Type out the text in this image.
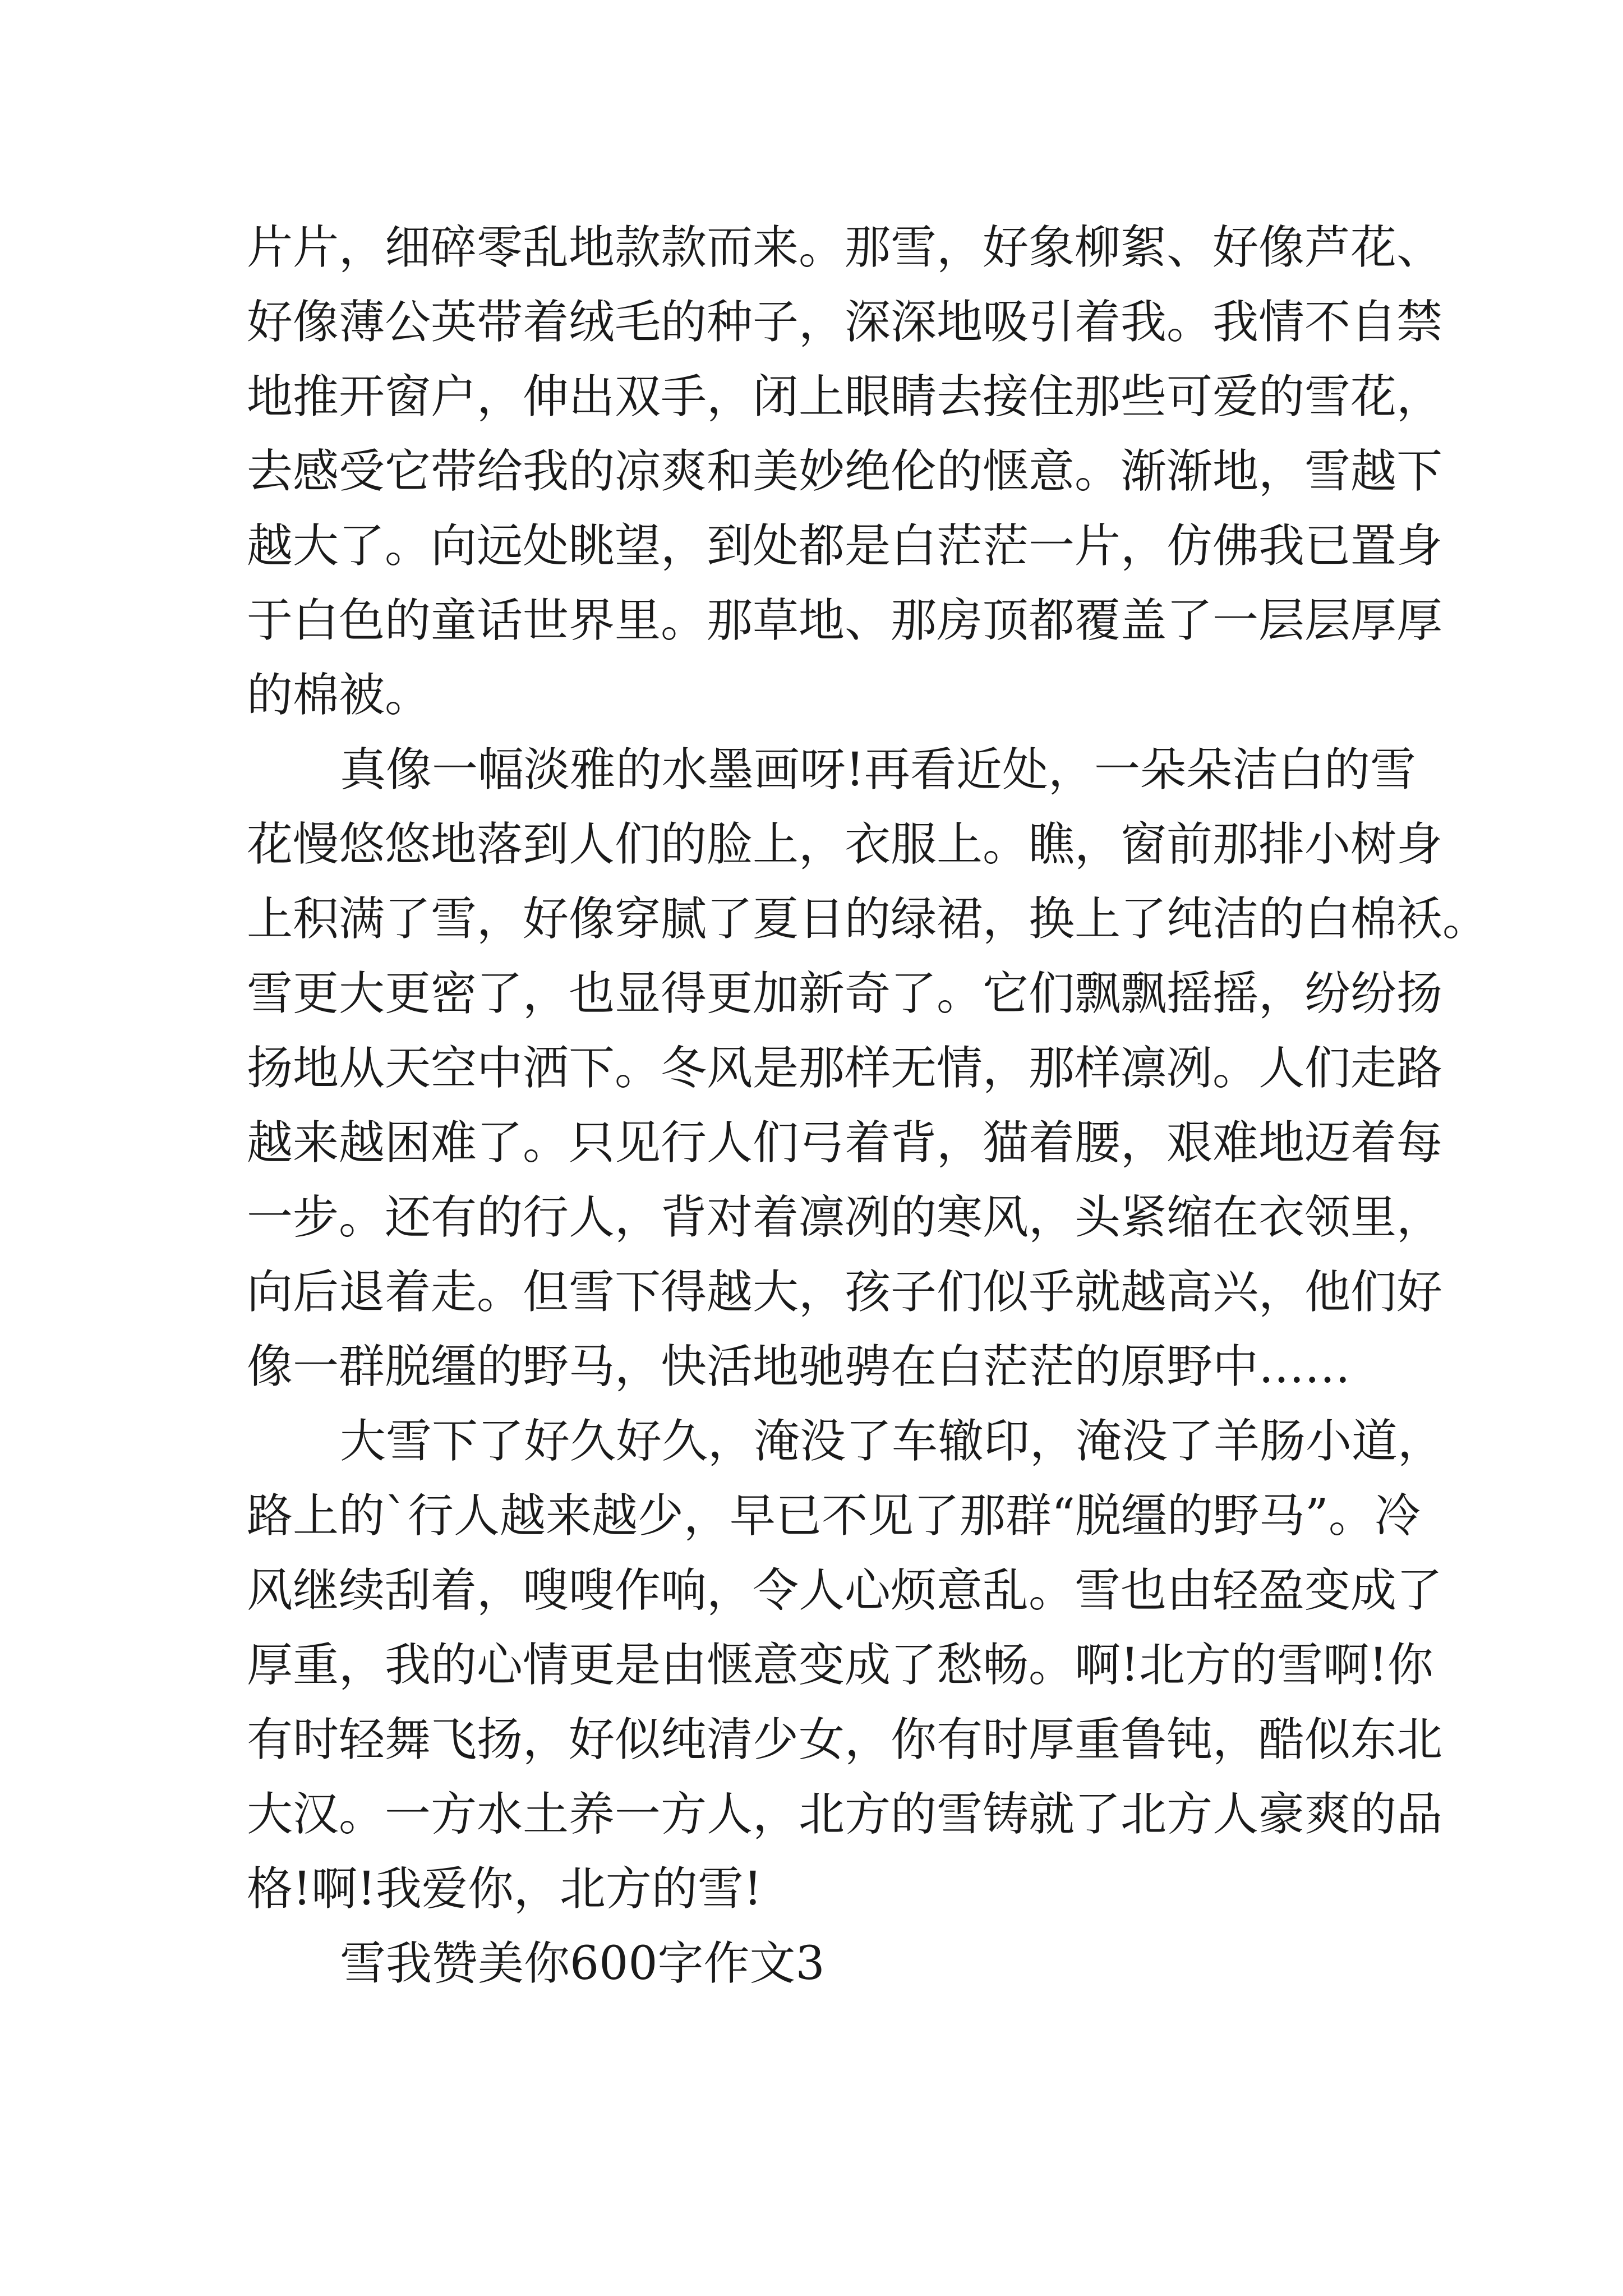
片片，细碎零乱地款款而来。那雪，好象柳絮、好像芦花、
好像薄公英带着绒毛的种子，深深地吸引着我。我情不自禁
地推开窗户，伸出双手，闭上眼睛去接住那些可爱的雪花，
去感受它带给我的凉爽和美妙绝伦的惬意。渐渐地，雪越下
越大了。向远处眺望，到处都是白茫茫一片，仿佛我已置身
于白色的童话世界里。那草地、那房顶都覆盖了一层层厚厚
的棉被。
真像一幅淡雅的水墨画呀!再看近处，一朵朵洁白的雪
花慢悠悠地落到人们的脸上，衣服上。瞧，窗前那排小树身
上积满了雪，好像穿腻了夏日的绿裙，换上了纯洁的白棉袄。
雪更大更密了，也显得更加新奇了。它们飘飘摇摇，纷纷扬
扬地从天空中洒下。冬风是那样无情，那样凛冽。人们走路
越来越困难了。只见行人们弓着背，猫着腰，艰难地迈着每
一步。还有的行人，背对着凛冽的寒风，头紧缩在衣领里，
向后退着走。但雪下得越大，孩子们似乎就越高兴，他们好
像一群脱缰的野马，快活地驰骋在白茫茫的原野中……
大雪下了好久好久，淹没了车辙印，淹没了羊肠小道，
路上的`行人越来越少，早已不见了那群“脱缰的野马”。冷
风继续刮着，嗖嗖作响，令人心烦意乱。雪也由轻盈变成了
厚重，我的心情更是由惬意变成了愁畅。啊!北方的雪啊!你
有时轻舞飞扬，好似纯清少女，你有时厚重鲁钝，酷似东北
大汉。一方水土养一方人，北方的雪铸就了北方人豪爽的品
格!啊!我爱你，北方的雪!
雪我赞美你600字作文3
